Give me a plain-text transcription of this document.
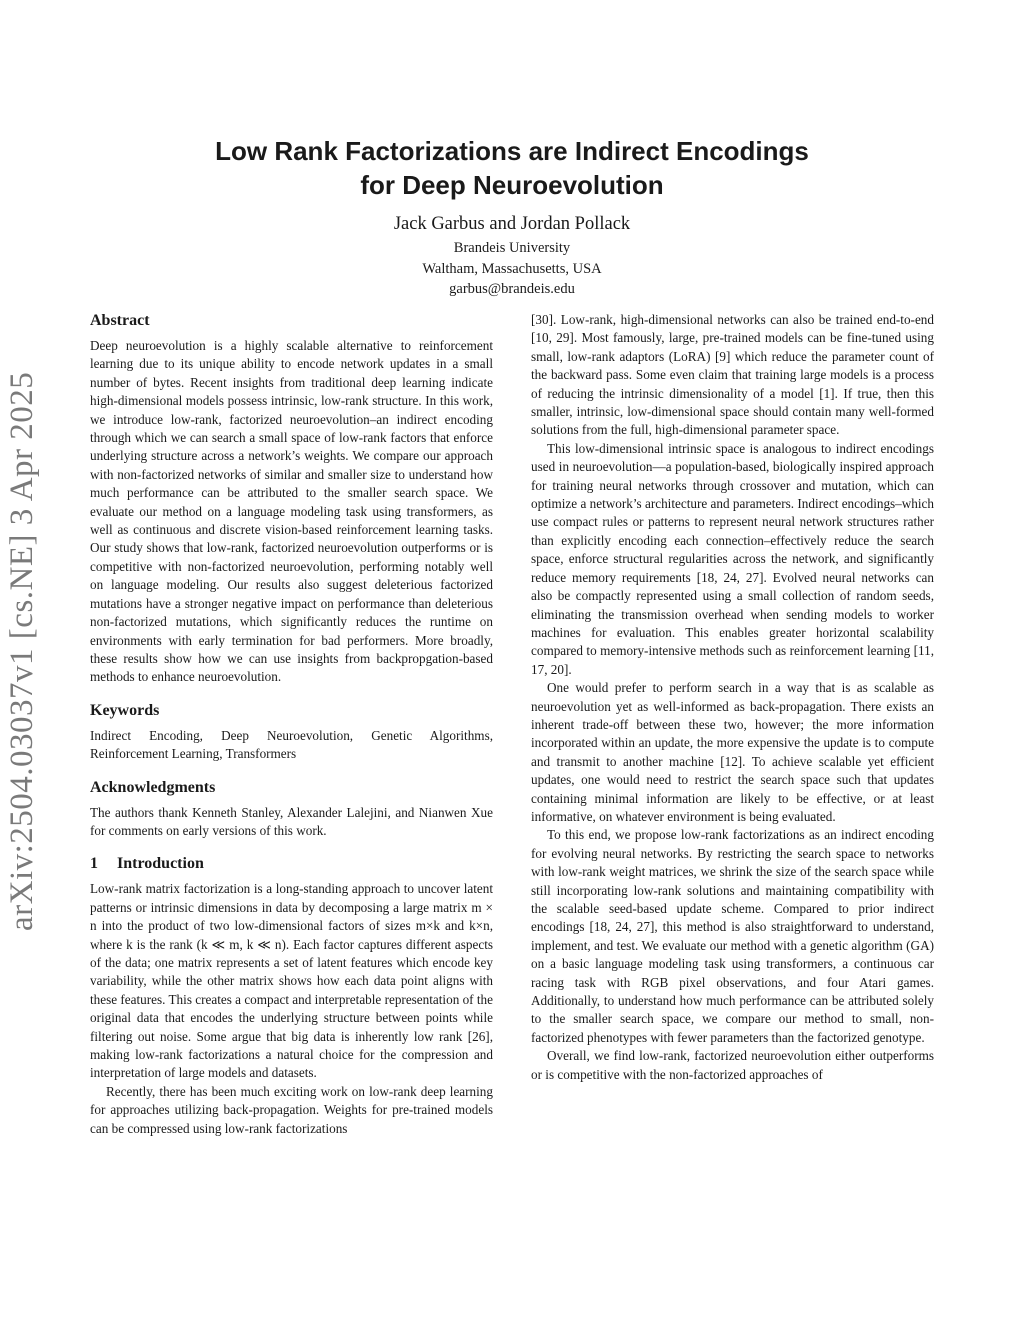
arXiv:2504.03037v1 [cs.NE] 3 Apr 2025
Low Rank Factorizations are Indirect Encodings
for Deep Neuroevolution
Jack Garbus and Jordan Pollack
Brandeis University
Waltham, Massachusetts, USA
garbus@brandeis.edu
Abstract

Deep neuroevolution is a highly scalable alternative to reinforcement learning due to its unique ability to encode network updates in a small number of bytes. Recent insights from traditional deep learning indicate high-dimensional models possess intrinsic, low-rank structure. In this work, we introduce low-rank, factorized neuroevolution–an indirect encoding through which we can search a small space of low-rank factors that enforce underlying structure across a network’s weights. We compare our approach with non-factorized networks of similar and smaller size to understand how much performance can be attributed to the smaller search space. We evaluate our method on a language modeling task using transformers, as well as continuous and discrete vision-based reinforcement learning tasks. Our study shows that low-rank, factorized neuroevolution outperforms or is competitive with non-factorized neuroevolution, performing notably well on language modeling. Our results also suggest deleterious factorized mutations have a stronger negative impact on performance than deleterious non-factorized mutations, which significantly reduces the runtime on environments with early termination for bad performers. More broadly, these results show how we can use insights from backpropgation-based methods to enhance neuroevolution.

Keywords

Indirect Encoding, Deep Neuroevolution, Genetic Algorithms, Reinforcement Learning, Transformers

Acknowledgments

The authors thank Kenneth Stanley, Alexander Lalejini, and Nianwen Xue for comments on early versions of this work.

1 Introduction

Low-rank matrix factorization is a long-standing approach to uncover latent patterns or intrinsic dimensions in data by decomposing a large matrix m × n into the product of two low-dimensional factors of sizes m×k and k×n, where k is the rank (k ≪ m, k ≪ n). Each factor captures different aspects of the data; one matrix represents a set of latent features which encode key variability, while the other matrix shows how each data point aligns with these features. This creates a compact and interpretable representation of the original data that encodes the underlying structure between points while filtering out noise. Some argue that big data is inherently low rank [26], making low-rank factorizations a natural choice for the compression and interpretation of large models and datasets.

Recently, there has been much exciting work on low-rank deep learning for approaches utilizing back-propagation. Weights for pre-trained models can be compressed using low-rank factorizations

[30]. Low-rank, high-dimensional networks can also be trained end-to-end [10, 29]. Most famously, large, pre-trained models can be fine-tuned using small, low-rank adaptors (LoRA) [9] which reduce the parameter count of the backward pass. Some even claim that training large models is a process of reducing the intrinsic dimensionality of a model [1]. If true, then this smaller, intrinsic, low-dimensional space should contain many well-formed solutions from the full, high-dimensional parameter space.

This low-dimensional intrinsic space is analogous to indirect encodings used in neuroevolution—a population-based, biologically inspired approach for training neural networks through crossover and mutation, which can optimize a network’s architecture and parameters. Indirect encodings–which use compact rules or patterns to represent neural network structures rather than explicitly encoding each connection–effectively reduce the search space, enforce structural regularities across the network, and significantly reduce memory requirements [18, 24, 27]. Evolved neural networks can also be compactly represented using a small collection of random seeds, eliminating the transmission overhead when sending models to worker machines for evaluation. This enables greater horizontal scalability compared to memory-intensive methods such as reinforcement learning [11, 17, 20].

One would prefer to perform search in a way that is as scalable as neuroevolution yet as well-informed as back-propagation. There exists an inherent trade-off between these two, however; the more information incorporated within an update, the more expensive the update is to compute and transmit to another machine [12]. To achieve scalable yet efficient updates, one would need to restrict the search space such that updates containing minimal information are likely to be effective, or at least informative, on whatever environment is being evaluated.

To this end, we propose low-rank factorizations as an indirect encoding for evolving neural networks. By restricting the search space to networks with low-rank weight matrices, we shrink the size of the search space while still incorporating low-rank solutions and maintaining compatibility with the scalable seed-based update scheme. Compared to prior indirect encodings [18, 24, 27], this method is also straightforward to understand, implement, and test. We evaluate our method with a genetic algorithm (GA) on a basic language modeling task using transformers, a continuous car racing task with RGB pixel observations, and four Atari games. Additionally, to understand how much performance can be attributed solely to the smaller search space, we compare our method to small, non-factorized phenotypes with fewer parameters than the factorized genotype.

Overall, we find low-rank, factorized neuroevolution either outperforms or is competitive with the non-factorized approaches of
